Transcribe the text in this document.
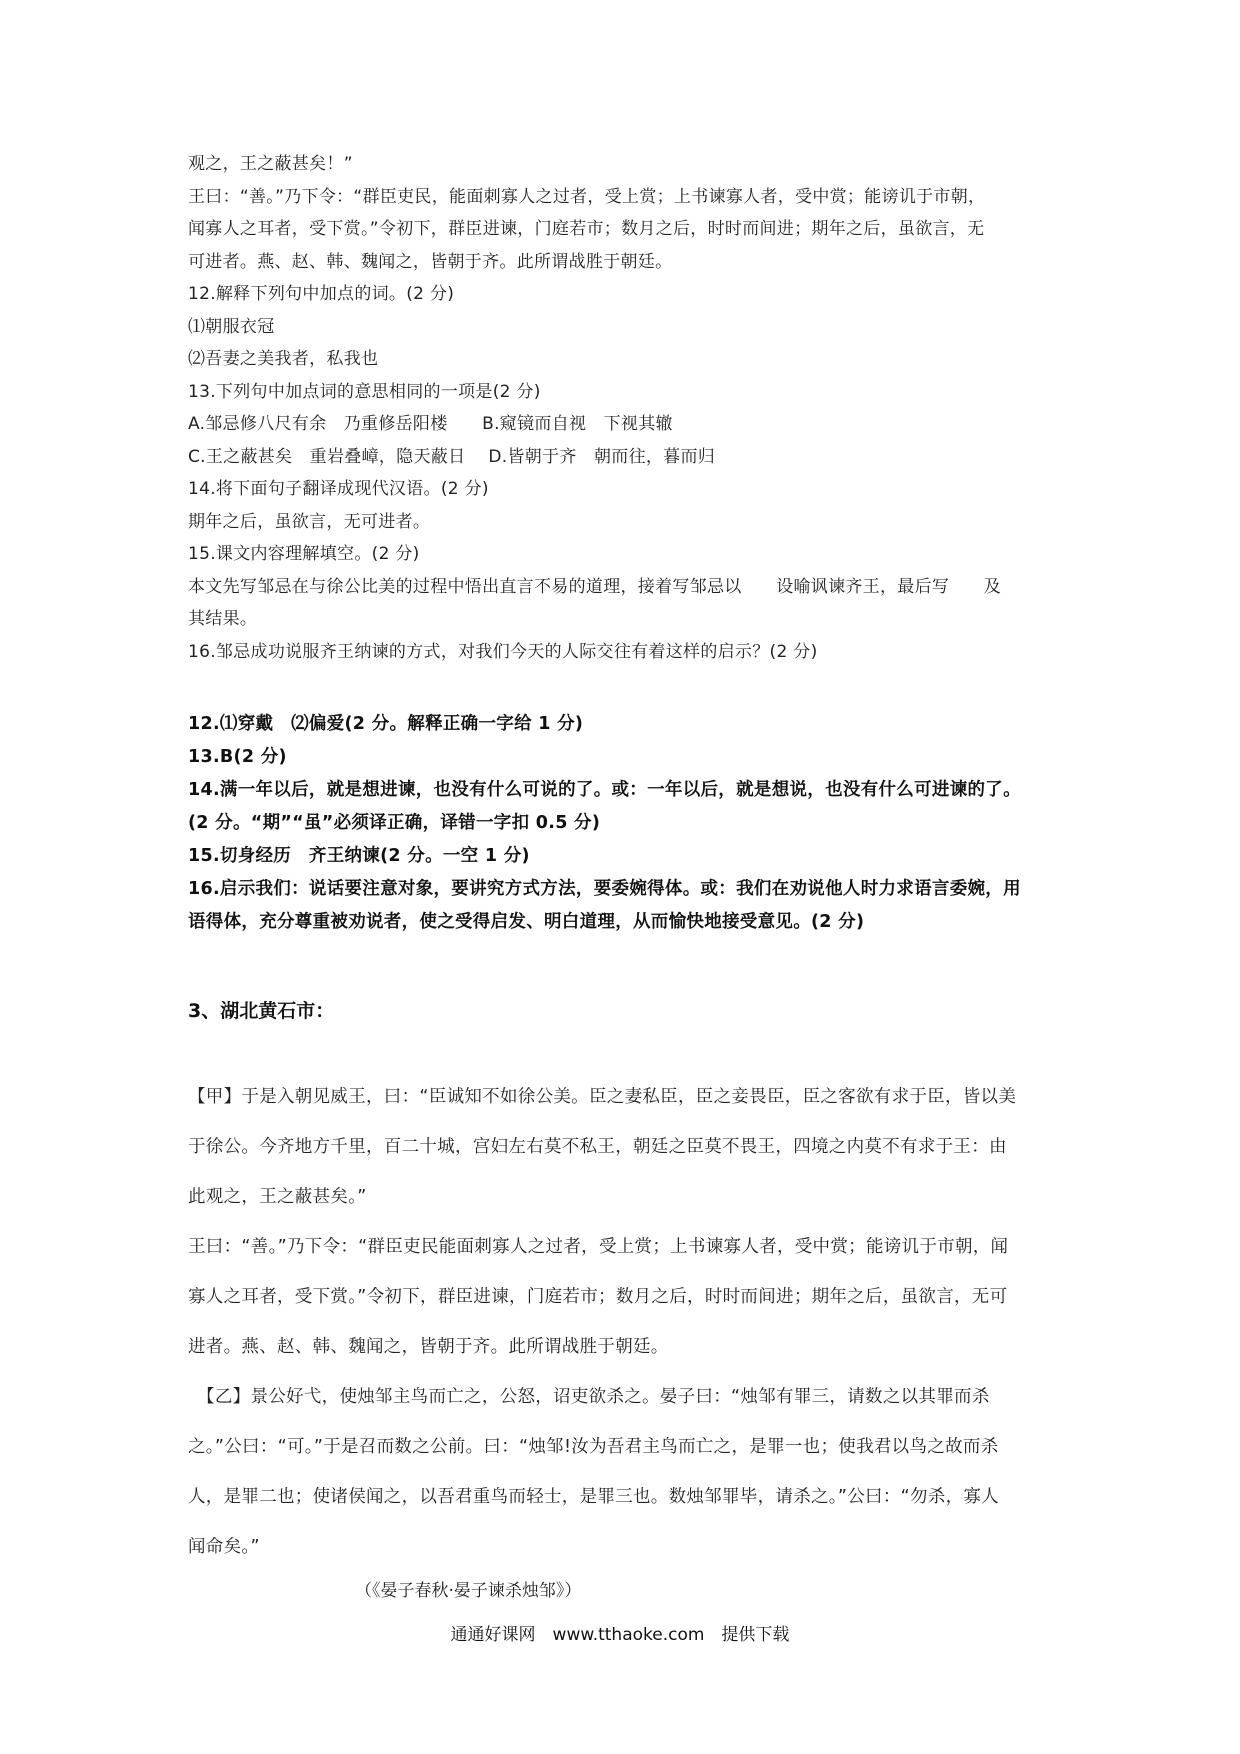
观之，王之蔽甚矣！”
王曰：“善。”乃下令：“群臣吏民，能面刺寡人之过者，受上赏；上书谏寡人者，受中赏；能谤讥于市朝，
闻寡人之耳者，受下赏。”令初下，群臣进谏，门庭若市；数月之后，时时而间进；期年之后，虽欲言，无
可进者。燕、赵、韩、魏闻之，皆朝于齐。此所谓战胜于朝廷。
12.解释下列句中加点的词。(2 分)
⑴朝服衣冠
⑵吾妻之美我者，私我也
13.下列句中加点词的意思相同的一项是(2 分)
A.邹忌修八尺有余　乃重修岳阳楼　　B.窥镜而自视　下视其辙
C.王之蔽甚矣　重岩叠嶂，隐天蔽日　 D.皆朝于齐　朝而往，暮而归
14.将下面句子翻译成现代汉语。(2 分)
期年之后，虽欲言，无可进者。
15.课文内容理解填空。(2 分)
本文先写邹忌在与徐公比美的过程中悟出直言不易的道理，接着写邹忌以　　设喻讽谏齐王，最后写　　及
其结果。
16.邹忌成功说服齐王纳谏的方式，对我们今天的人际交往有着这样的启示？(2 分)
12.⑴穿戴　⑵偏爱(2 分。解释正确一字给 1 分)
13.B(2 分)
14.满一年以后，就是想进谏，也没有什么可说的了。或：一年以后，就是想说，也没有什么可进谏的了。
(2 分。“期”“虽”必须译正确，译错一字扣 0.5 分)
15.切身经历　齐王纳谏(2 分。一空 1 分)
16.启示我们：说话要注意对象，要讲究方式方法，要委婉得体。或：我们在劝说他人时力求语言委婉，用
语得体，充分尊重被劝说者，使之受得启发、明白道理，从而愉快地接受意见。(2 分)
3、湖北黄石市：
【甲】于是入朝见威王，曰：“臣诚知不如徐公美。臣之妻私臣，臣之妾畏臣，臣之客欲有求于臣，皆以美
于徐公。今齐地方千里，百二十城，宫妇左右莫不私王，朝廷之臣莫不畏王，四境之内莫不有求于王：由
此观之，王之蔽甚矣。”
王曰：“善。”乃下令：“群臣吏民能面刺寡人之过者，受上赏；上书谏寡人者，受中赏；能谤讥于市朝，闻
寡人之耳者，受下赏。”令初下，群臣进谏，门庭若市；数月之后，时时而间进；期年之后，虽欲言，无可
进者。燕、赵、韩、魏闻之，皆朝于齐。此所谓战胜于朝廷。
　【乙】景公好弋，使烛邹主鸟而亡之，公怒，诏吏欲杀之。晏子曰：“烛邹有罪三，请数之以其罪而杀
之。”公曰：“可。”于是召而数之公前。曰：“烛邹!汝为吾君主鸟而亡之，是罪一也；使我君以鸟之故而杀
人，是罪二也；使诸侯闻之，以吾君重鸟而轻士，是罪三也。数烛邹罪毕，请杀之。”公曰：“勿杀，寡人
闻命矣。”
（《晏子春秋·晏子谏杀烛邹》）
通通好课网　www.tthaoke.com　提供下载
